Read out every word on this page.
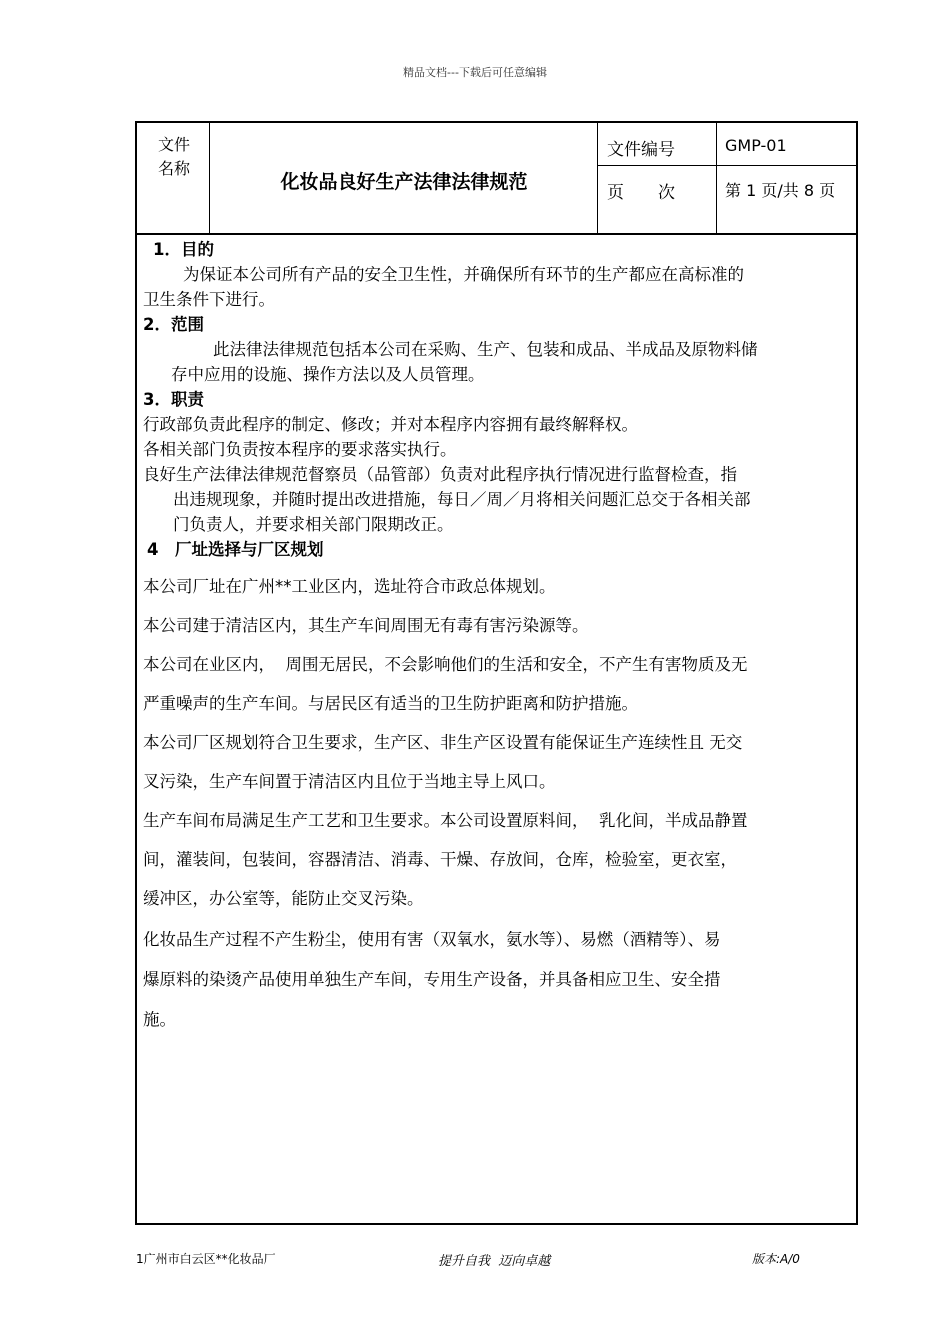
精品文档---下载后可任意编辑
文件
名称
化妆品良好生产法律法律规范
文件编号	GMP-01
页　　次	第 1 页/共 8 页
1．目的
为保证本公司所有产品的安全卫生性，并确保所有环节的生产都应在高标准的
卫生条件下进行。
2．范围
此法律法律规范包括本公司在采购、生产、包装和成品、半成品及原物料储
存中应用的设施、操作方法以及人员管理。
3．职责
行政部负责此程序的制定、修改；并对本程序内容拥有最终解释权。
各相关部门负责按本程序的要求落实执行。
良好生产法律法律规范督察员（品管部）负责对此程序执行情况进行监督检查，指
出违规现象，并随时提出改进措施，每日／周／月将相关问题汇总交于各相关部
门负责人，并要求相关部门限期改正。
4　厂址选择与厂区规划
本公司厂址在广州**工业区内，选址符合市政总体规划。
本公司建于清洁区内，其生产车间周围无有毒有害污染源等。
本公司在业区内，  周围无居民，不会影响他们的生活和安全，不产生有害物质及无
严重噪声的生产车间。与居民区有适当的卫生防护距离和防护措施。
本公司厂区规划符合卫生要求，生产区、非生产区设置有能保证生产连续性且 无交
叉污染，生产车间置于清洁区内且位于当地主导上风口。
生产车间布局满足生产工艺和卫生要求。本公司设置原料间，  乳化间，半成品静置
间，灌装间，包装间，容器清洁、消毒、干燥、存放间，仓库，检验室，更衣室，
缓冲区，办公室等，能防止交叉污染。
化妆品生产过程不产生粉尘，使用有害（双氧水，氨水等）、易燃（酒精等）、易
爆原料的染烫产品使用单独生产车间，专用生产设备，并具备相应卫生、安全措
施。
1广州市白云区**化妆品厂	提升自我  迈向卓越	版本:A/0
